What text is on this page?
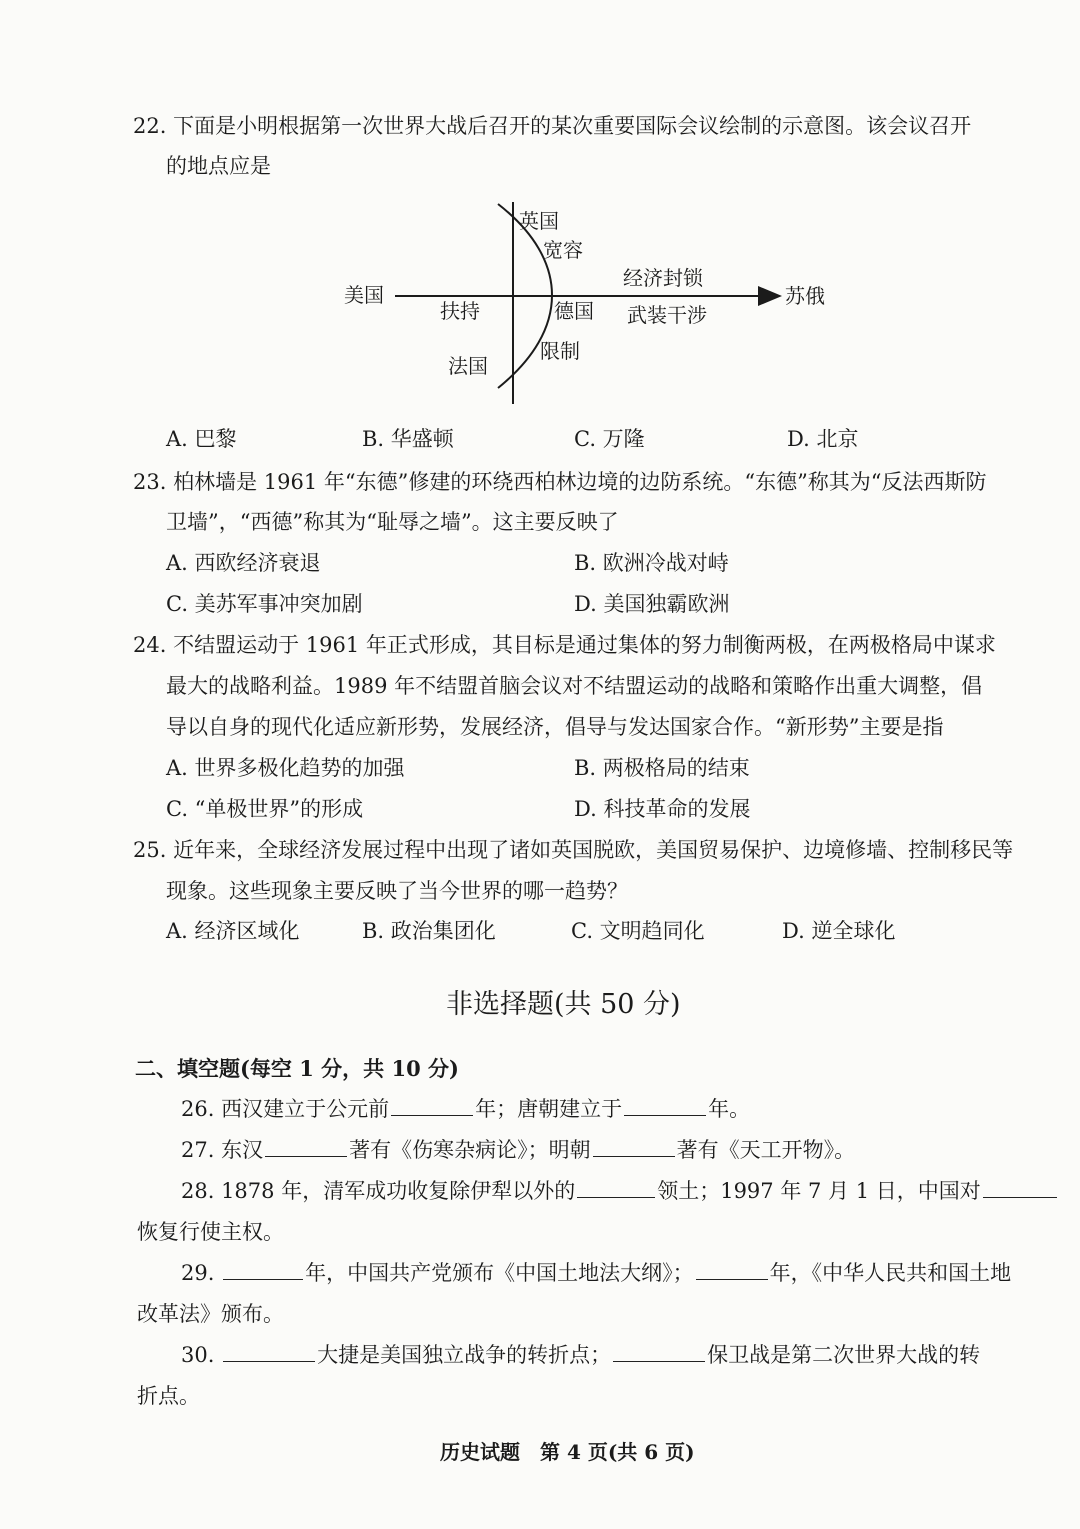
22. 下面是小明根据第一次世界大战后召开的某次重要国际会议绘制的示意图。该会议召开
的地点应是
美国
英国
宽容
扶持	德国
限制
法国
经济封锁
武装干涉
苏俄
A. 巴黎	B. 华盛顿	C. 万隆	D. 北京
23. 柏林墙是 1961 年“东德”修建的环绕西柏林边境的边防系统。“东德”称其为“反法西斯防
卫墙”，“西德”称其为“耻辱之墙”。这主要反映了
A. 西欧经济衰退	B. 欧洲冷战对峙
C. 美苏军事冲突加剧	D. 美国独霸欧洲
24. 不结盟运动于 1961 年正式形成，其目标是通过集体的努力制衡两极，在两极格局中谋求
最大的战略利益。1989 年不结盟首脑会议对不结盟运动的战略和策略作出重大调整，倡
导以自身的现代化适应新形势，发展经济，倡导与发达国家合作。“新形势”主要是指
A. 世界多极化趋势的加强	B. 两极格局的结束
C. “单极世界”的形成	D. 科技革命的发展
25. 近年来，全球经济发展过程中出现了诸如英国脱欧，美国贸易保护、边境修墙、控制移民等
现象。这些现象主要反映了当今世界的哪一趋势？
A. 经济区域化	B. 政治集团化	C. 文明趋同化	D. 逆全球化
非选择题(共 50 分)
二、填空题(每空 1 分，共 10 分)
26. 西汉建立于公元前	年；唐朝建立于	年。
27. 东汉	著有《伤寒杂病论》；明朝	著有《天工开物》。
28. 1878 年，清军成功收复除伊犁以外的	领土；1997 年 7 月 1 日，中国对
恢复行使主权。
29.	年，中国共产党颁布《中国土地法大纲》；	年，《中华人民共和国土地
改革法》颁布。
30.	大捷是美国独立战争的转折点；	保卫战是第二次世界大战的转
折点。
历史试题　第 4 页(共 6 页)
